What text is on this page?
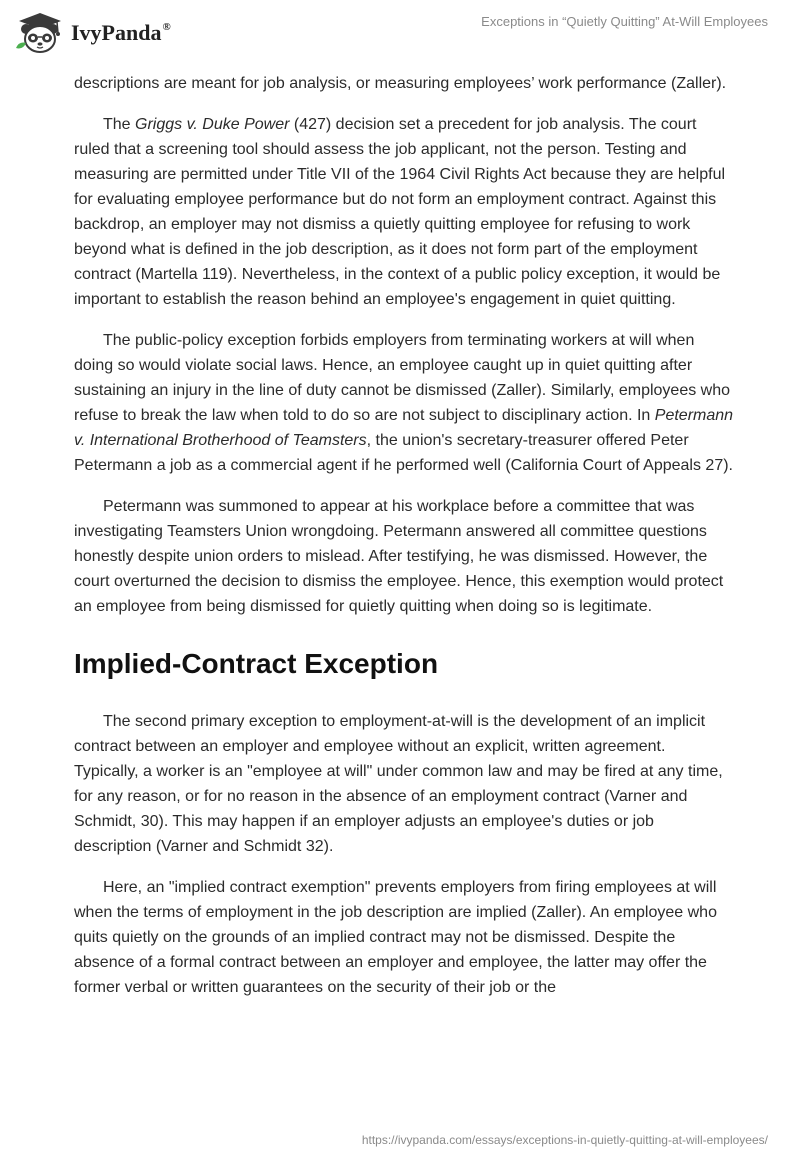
IvyPanda®	Exceptions in “Quietly Quitting” At-Will Employees

descriptions are meant for job analysis, or measuring employees’ work performance (Zaller).

The Griggs v. Duke Power (427) decision set a precedent for job analysis. The court ruled that a screening tool should assess the job applicant, not the person. Testing and measuring are permitted under Title VII of the 1964 Civil Rights Act because they are helpful for evaluating employee performance but do not form an employment contract. Against this backdrop, an employer may not dismiss a quietly quitting employee for refusing to work beyond what is defined in the job description, as it does not form part of the employment contract (Martella 119). Nevertheless, in the context of a public policy exception, it would be important to establish the reason behind an employee's engagement in quiet quitting.

The public-policy exception forbids employers from terminating workers at will when doing so would violate social laws. Hence, an employee caught up in quiet quitting after sustaining an injury in the line of duty cannot be dismissed (Zaller). Similarly, employees who refuse to break the law when told to do so are not subject to disciplinary action. In Petermann v. International Brotherhood of Teamsters, the union's secretary-treasurer offered Peter Petermann a job as a commercial agent if he performed well (California Court of Appeals 27).

Petermann was summoned to appear at his workplace before a committee that was investigating Teamsters Union wrongdoing. Petermann answered all committee questions honestly despite union orders to mislead. After testifying, he was dismissed. However, the court overturned the decision to dismiss the employee. Hence, this exemption would protect an employee from being dismissed for quietly quitting when doing so is legitimate.

Implied-Contract Exception

The second primary exception to employment-at-will is the development of an implicit contract between an employer and employee without an explicit, written agreement. Typically, a worker is an "employee at will" under common law and may be fired at any time, for any reason, or for no reason in the absence of an employment contract (Varner and Schmidt, 30). This may happen if an employer adjusts an employee's duties or job description (Varner and Schmidt 32).

Here, an "implied contract exemption" prevents employers from firing employees at will when the terms of employment in the job description are implied (Zaller). An employee who quits quietly on the grounds of an implied contract may not be dismissed. Despite the absence of a formal contract between an employer and employee, the latter may offer the former verbal or written guarantees on the security of their job or the

https://ivypanda.com/essays/exceptions-in-quietly-quitting-at-will-employees/
